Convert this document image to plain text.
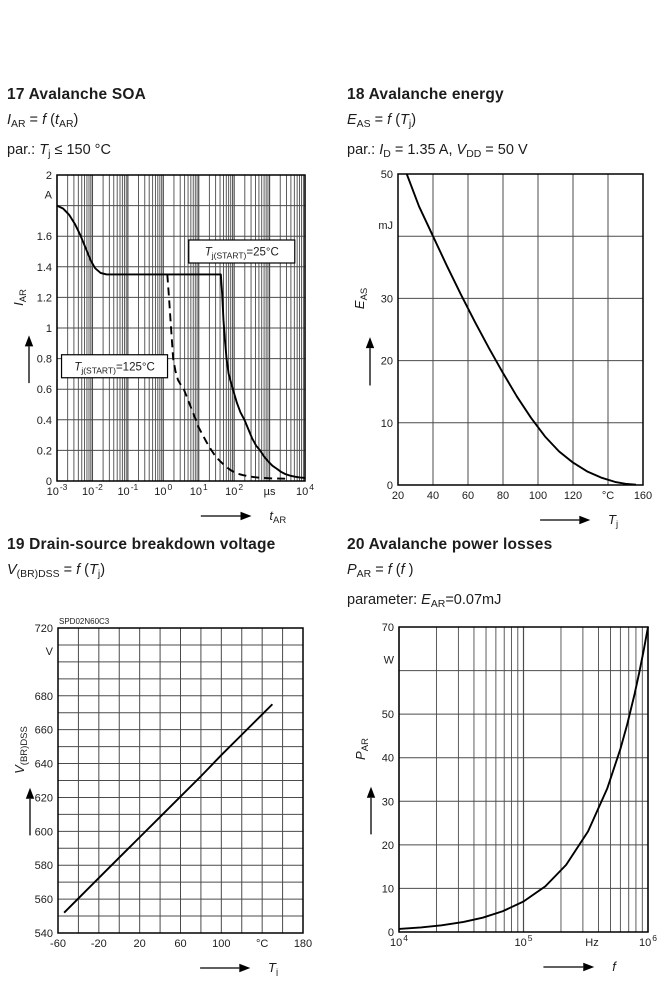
17 Avalanche SOA
$I_{AR} = f$ $(t_{AR})$
par.: $T_j \le 150$ °C
$T_{j(START)}=25^\circ C$
$T_{j(START)}=125^\circ C$
2
A
1.6
1.4
1.2
1
0.8
0.6
0.4
0.2
0
$10^{-3}$ $10^{-2}$ $10^{-1}$ $10^0$ $10^1$ $10^2$ µs $10^4$
$t_{AR}$
$I_{AR}$
18 Avalanche energy
$E_{AS} = f$ $(T_j)$
par.: $I_D = 1.35$ A, $V_{DD} = 50$ V
50
mJ
30
20
10
0
20 40 60 80 100 120 °C 160
$T_j$
$E_{AS}$
19 Drain-source breakdown voltage
$V_{(BR)DSS} = f$ $(T_j)$
SPD02N60C3
720
V
680
660
640
620
600
580
560
540
-60 -20 20	60 100 °C 180
$T_j$
$V_{(BR)DSS}$
20 Avalanche power losses
$P_{AR} = f$ (f )
parameter: $E_{AR}=0.07mJ$
70
W
50
40
30
20
10
0
$10^4$	$10^5$	Hz	$10^6$
f
$P_{AR}$
